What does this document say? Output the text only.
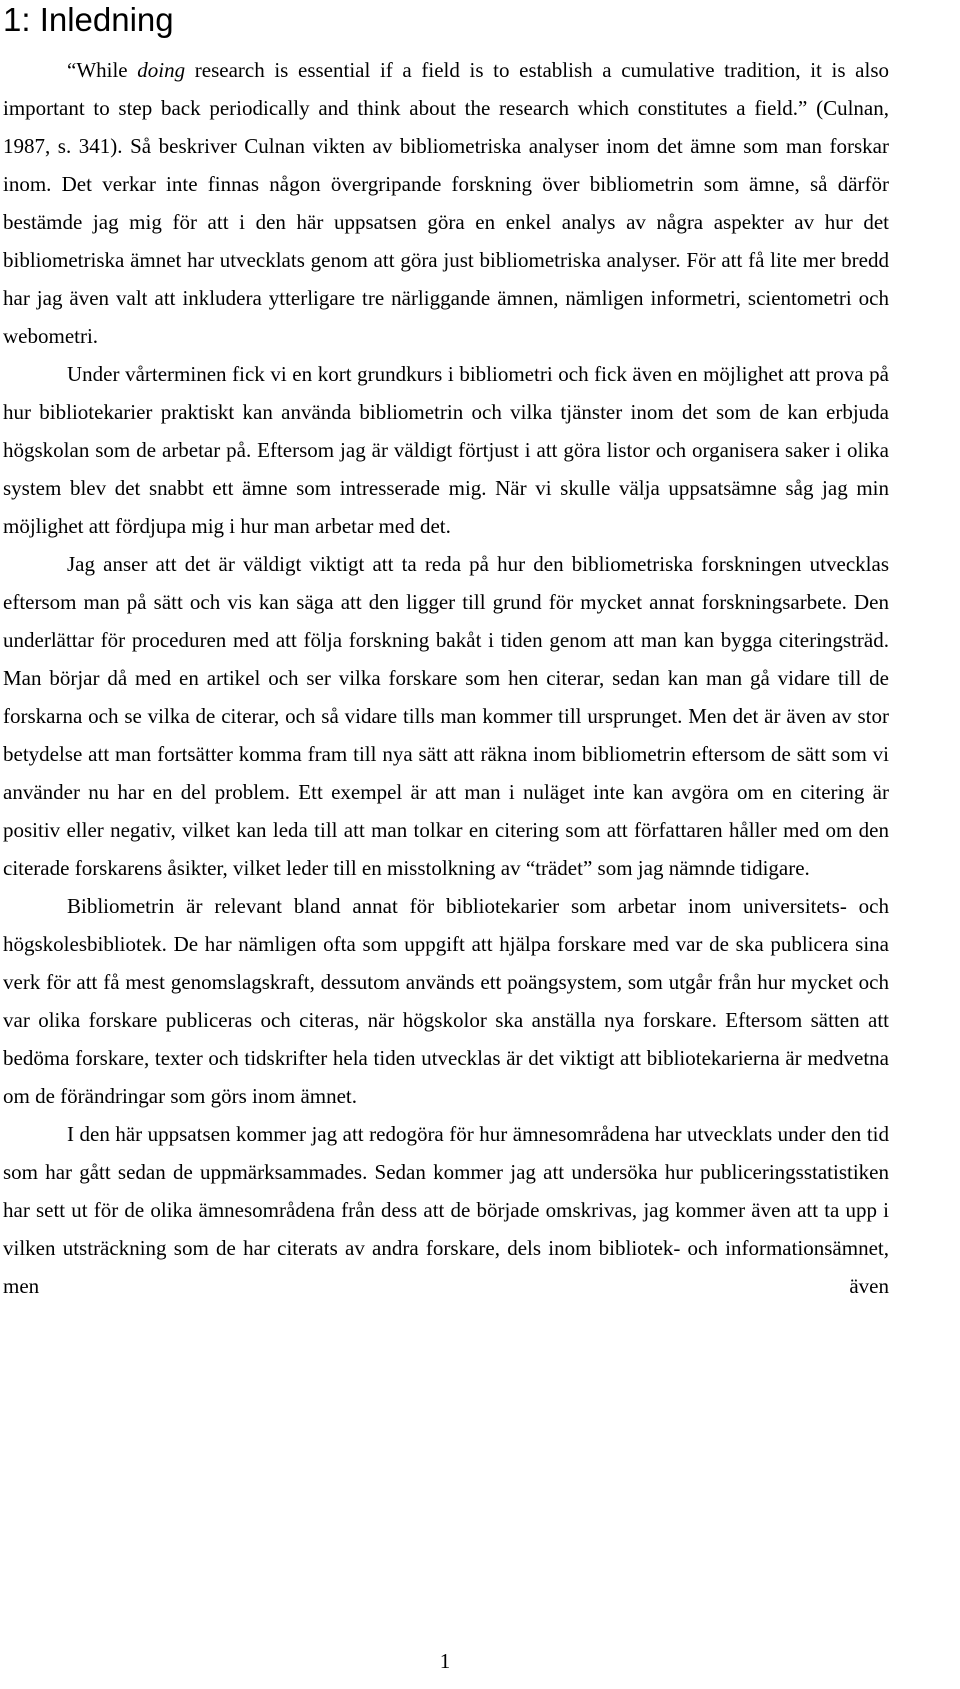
1: Inledning

“While doing research is essential if a field is to establish a cumulative tradition, it is also important to step back periodically and think about the research which constitutes a field.” (Culnan, 1987, s. 341). Så beskriver Culnan vikten av bibliometriska analyser inom det ämne som man forskar inom. Det verkar inte finnas någon övergripande forskning över bibliometrin som ämne, så därför bestämde jag mig för att i den här uppsatsen göra en enkel analys av några aspekter av hur det bibliometriska ämnet har utvecklats genom att göra just bibliometriska analyser. För att få lite mer bredd har jag även valt att inkludera ytterligare tre närliggande ämnen, nämligen informetri, scientometri och webometri.

Under vårterminen fick vi en kort grundkurs i bibliometri och fick även en möjlighet att prova på hur bibliotekarier praktiskt kan använda bibliometrin och vilka tjänster inom det som de kan erbjuda högskolan som de arbetar på. Eftersom jag är väldigt förtjust i att göra listor och organisera saker i olika system blev det snabbt ett ämne som intresserade mig. När vi skulle välja uppsatsämne såg jag min möjlighet att fördjupa mig i hur man arbetar med det.

Jag anser att det är väldigt viktigt att ta reda på hur den bibliometriska forskningen utvecklas eftersom man på sätt och vis kan säga att den ligger till grund för mycket annat forskningsarbete. Den underlättar för proceduren med att följa forskning bakåt i tiden genom att man kan bygga citeringsträd. Man börjar då med en artikel och ser vilka forskare som hen citerar, sedan kan man gå vidare till de forskarna och se vilka de citerar, och så vidare tills man kommer till ursprunget. Men det är även av stor betydelse att man fortsätter komma fram till nya sätt att räkna inom bibliometrin eftersom de sätt som vi använder nu har en del problem. Ett exempel är att man i nuläget inte kan avgöra om en citering är positiv eller negativ, vilket kan leda till att man tolkar en citering som att författaren håller med om den citerade forskarens åsikter, vilket leder till en misstolkning av “trädet” som jag nämnde tidigare.

Bibliometrin är relevant bland annat för bibliotekarier som arbetar inom universitets- och högskolesbibliotek. De har nämligen ofta som uppgift att hjälpa forskare med var de ska publicera sina verk för att få mest genomslagskraft, dessutom används ett poängsystem, som utgår från hur mycket och var olika forskare publiceras och citeras, när högskolor ska anställa nya forskare. Eftersom sätten att bedöma forskare, texter och tidskrifter hela tiden utvecklas är det viktigt att bibliotekarierna är medvetna om de förändringar som görs inom ämnet.

I den här uppsatsen kommer jag att redogöra för hur ämnesområdena har utvecklats under den tid som har gått sedan de uppmärksammades. Sedan kommer jag att undersöka hur publiceringsstatistiken har sett ut för de olika ämnesområdena från dess att de började omskrivas, jag kommer även att ta upp i vilken utsträckning som de har citerats av andra forskare, dels inom bibliotek- och informationsämnet, men även

1
